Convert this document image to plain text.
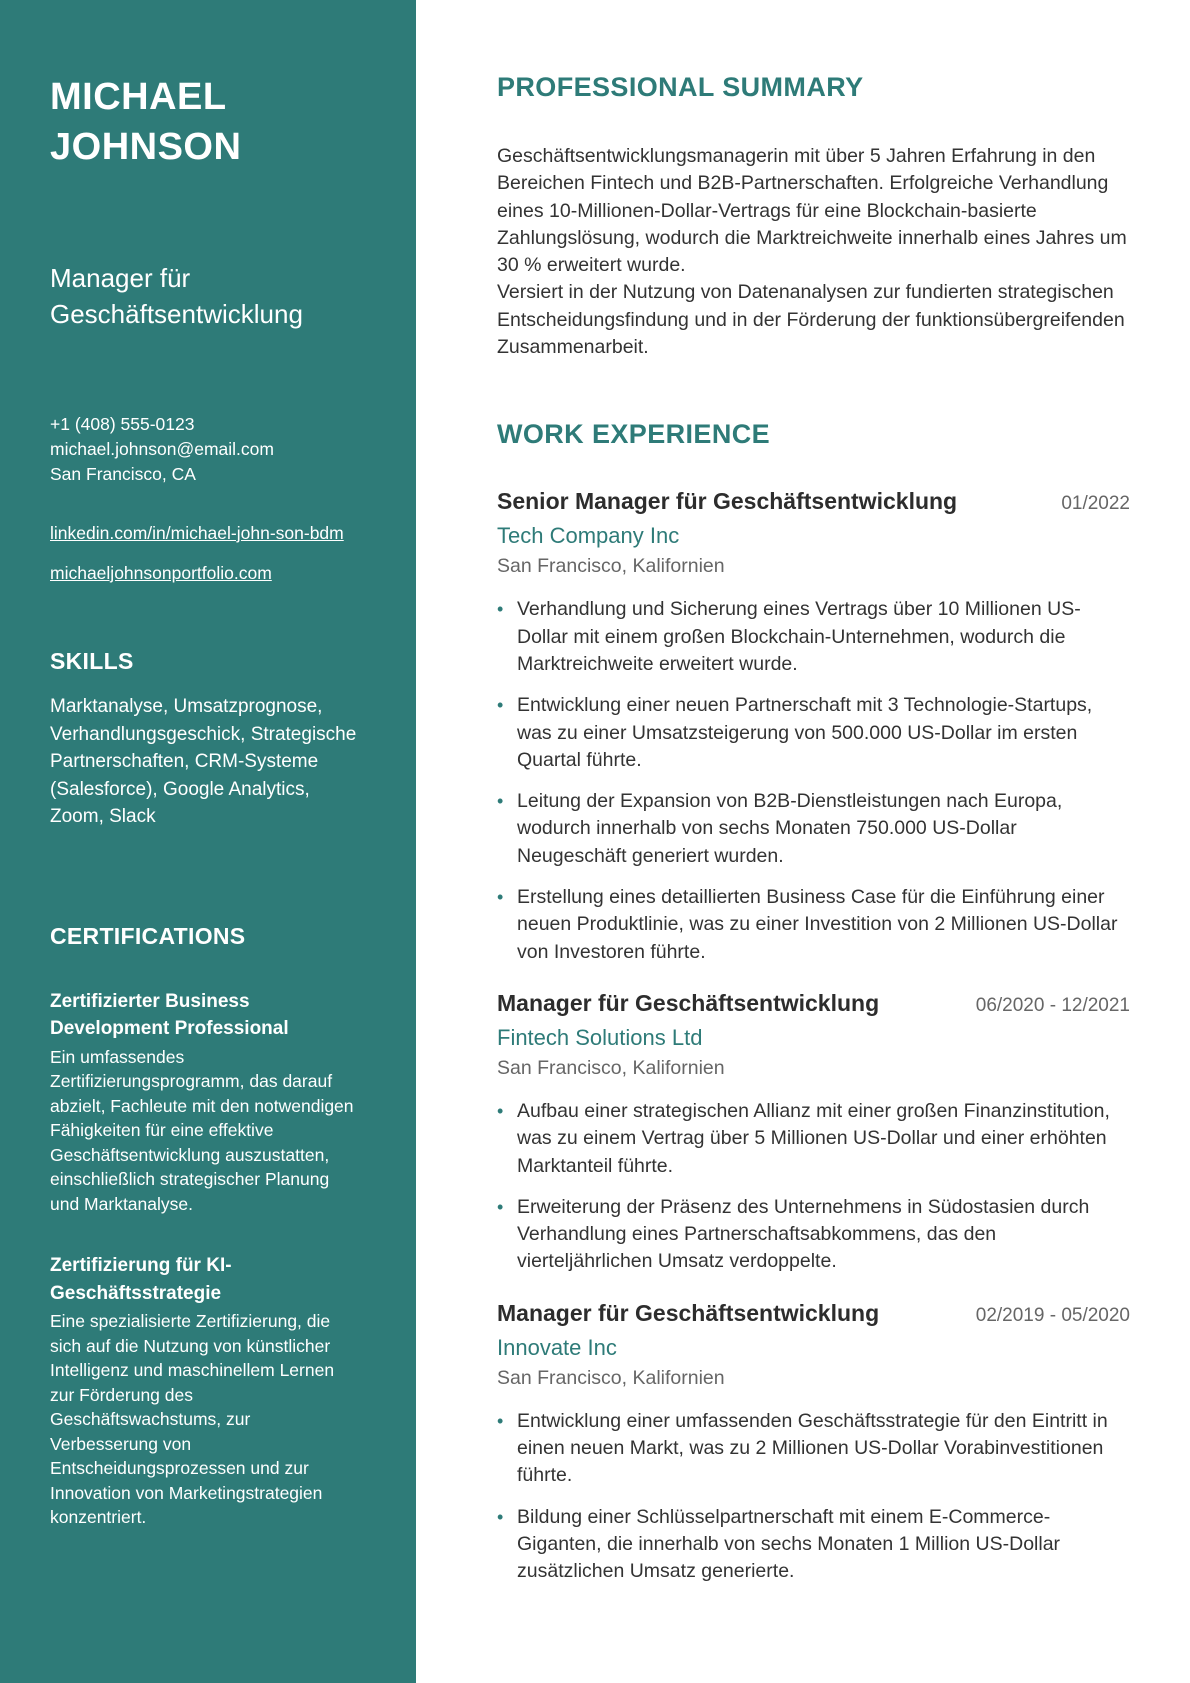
MICHAEL JOHNSON
Manager für Geschäftsentwicklung
+1 (408) 555-0123
michael.johnson@email.com
San Francisco, CA
linkedin.com/in/michael-john-son-bdm
michaeljohnsonportfolio.com
SKILLS
Marktanalyse, Umsatzprognose, Verhandlungsgeschick, Strategische Partnerschaften, CRM-Systeme (Salesforce), Google Analytics, Zoom, Slack
CERTIFICATIONS
Zertifizierter Business Development Professional
Ein umfassendes Zertifizierungsprogramm, das darauf abzielt, Fachleute mit den notwendigen Fähigkeiten für eine effektive Geschäftsentwicklung auszustatten, einschließlich strategischer Planung und Marktanalyse.
Zertifizierung für KI-Geschäftsstrategie
Eine spezialisierte Zertifizierung, die sich auf die Nutzung von künstlicher Intelligenz und maschinellem Lernen zur Förderung des Geschäftswachstums, zur Verbesserung von Entscheidungsprozessen und zur Innovation von Marketingstrategien konzentriert.
PROFESSIONAL SUMMARY

Geschäftsentwicklungsmanagerin mit über 5 Jahren Erfahrung in den Bereichen Fintech und B2B-Partnerschaften. Erfolgreiche Verhandlung eines 10-Millionen-Dollar-Vertrags für eine Blockchain-basierte Zahlungslösung, wodurch die Marktreichweite innerhalb eines Jahres um 30 % erweitert wurde.

Versiert in der Nutzung von Datenanalysen zur fundierten strategischen Entscheidungsfindung und in der Förderung der funktionsübergreifenden Zusammenarbeit.

WORK EXPERIENCE
Senior Manager für Geschäftsentwicklung	01/2022
Tech Company Inc
San Francisco, Kalifornien
• Verhandlung und Sicherung eines Vertrags über 10 Millionen US-Dollar mit einem großen Blockchain-Unternehmen, wodurch die Marktreichweite erweitert wurde.
• Entwicklung einer neuen Partnerschaft mit 3 Technologie-Startups, was zu einer Umsatzsteigerung von 500.000 US-Dollar im ersten Quartal führte.
• Leitung der Expansion von B2B-Dienstleistungen nach Europa, wodurch innerhalb von sechs Monaten 750.000 US-Dollar Neugeschäft generiert wurden.
• Erstellung eines detaillierten Business Case für die Einführung einer neuen Produktlinie, was zu einer Investition von 2 Millionen US-Dollar von Investoren führte.
Manager für Geschäftsentwicklung	06/2020 - 12/2021
Fintech Solutions Ltd
San Francisco, Kalifornien
• Aufbau einer strategischen Allianz mit einer großen Finanzinstitution, was zu einem Vertrag über 5 Millionen US-Dollar und einer erhöhten Marktanteil führte.
• Erweiterung der Präsenz des Unternehmens in Südostasien durch Verhandlung eines Partnerschaftsabkommens, das den vierteljährlichen Umsatz verdoppelte.
Manager für Geschäftsentwicklung	02/2019 - 05/2020
Innovate Inc
San Francisco, Kalifornien
• Entwicklung einer umfassenden Geschäftsstrategie für den Eintritt in einen neuen Markt, was zu 2 Millionen US-Dollar Vorabinvestitionen führte.
• Bildung einer Schlüsselpartnerschaft mit einem E-Commerce-Giganten, die innerhalb von sechs Monaten 1 Million US-Dollar zusätzlichen Umsatz generierte.
